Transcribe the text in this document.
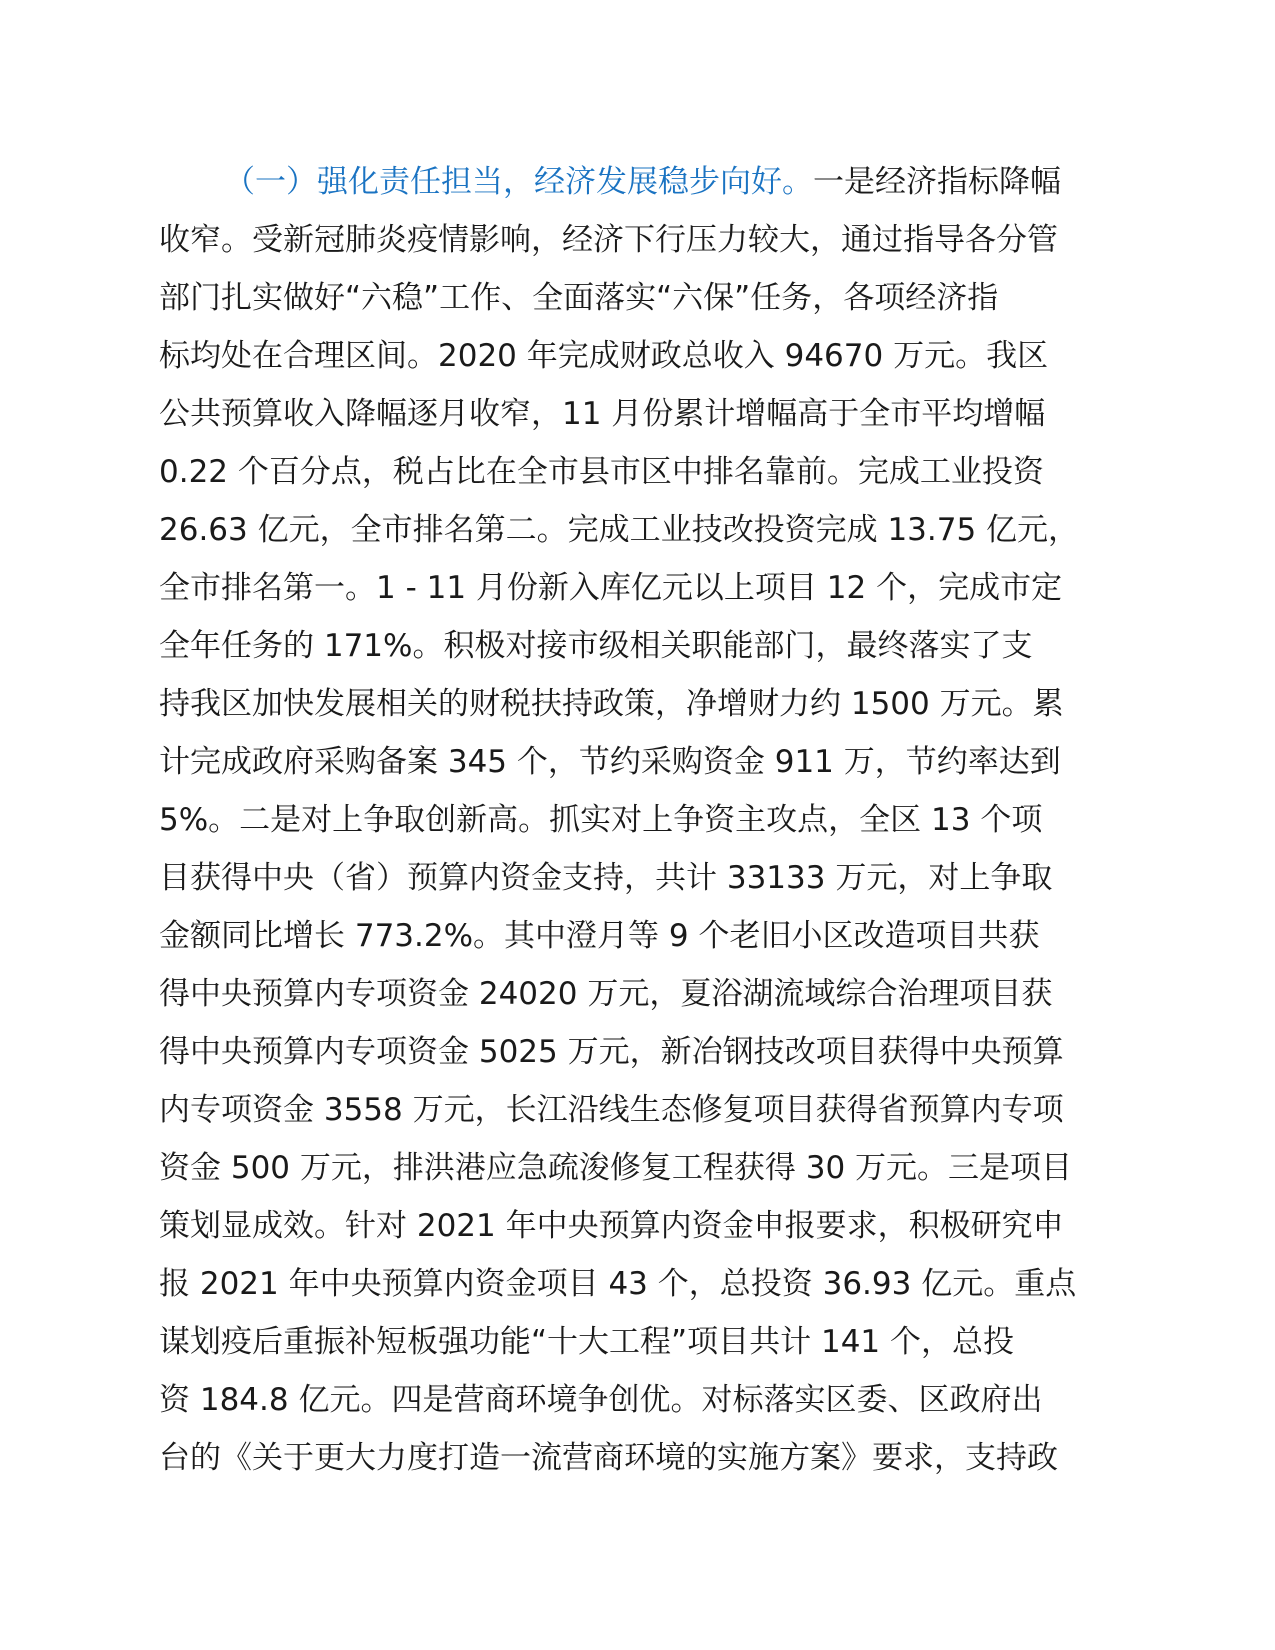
（一）强化责任担当，经济发展稳步向好。一是经济指标降幅
收窄。受新冠肺炎疫情影响，经济下行压力较大，通过指导各分管
部门扎实做好“六稳”工作、全面落实“六保”任务，各项经济指
标均处在合理区间。2020 年完成财政总收入 94670 万元。我区
公共预算收入降幅逐月收窄，11 月份累计增幅高于全市平均增幅
0.22 个百分点，税占比在全市县市区中排名靠前。完成工业投资
26.63 亿元，全市排名第二。完成工业技改投资完成 13.75 亿元，
全市排名第一。1 - 11 月份新入库亿元以上项目 12 个，完成市定
全年任务的 171%。积极对接市级相关职能部门，最终落实了支
持我区加快发展相关的财税扶持政策，净增财力约 1500 万元。累
计完成政府采购备案 345 个，节约采购资金 911 万，节约率达到
5%。二是对上争取创新高。抓实对上争资主攻点，全区 13 个项
目获得中央（省）预算内资金支持，共计 33133 万元，对上争取
金额同比增长 773.2%。其中澄月等 9 个老旧小区改造项目共获
得中央预算内专项资金 24020 万元，夏浴湖流域综合治理项目获
得中央预算内专项资金 5025 万元，新冶钢技改项目获得中央预算
内专项资金 3558 万元，长江沿线生态修复项目获得省预算内专项
资金 500 万元，排洪港应急疏浚修复工程获得 30 万元。三是项目
策划显成效。针对 2021 年中央预算内资金申报要求，积极研究申
报 2021 年中央预算内资金项目 43 个，总投资 36.93 亿元。重点
谋划疫后重振补短板强功能“十大工程”项目共计 141 个，总投
资 184.8 亿元。四是营商环境争创优。对标落实区委、区政府出
台的《关于更大力度打造一流营商环境的实施方案》要求，支持政
